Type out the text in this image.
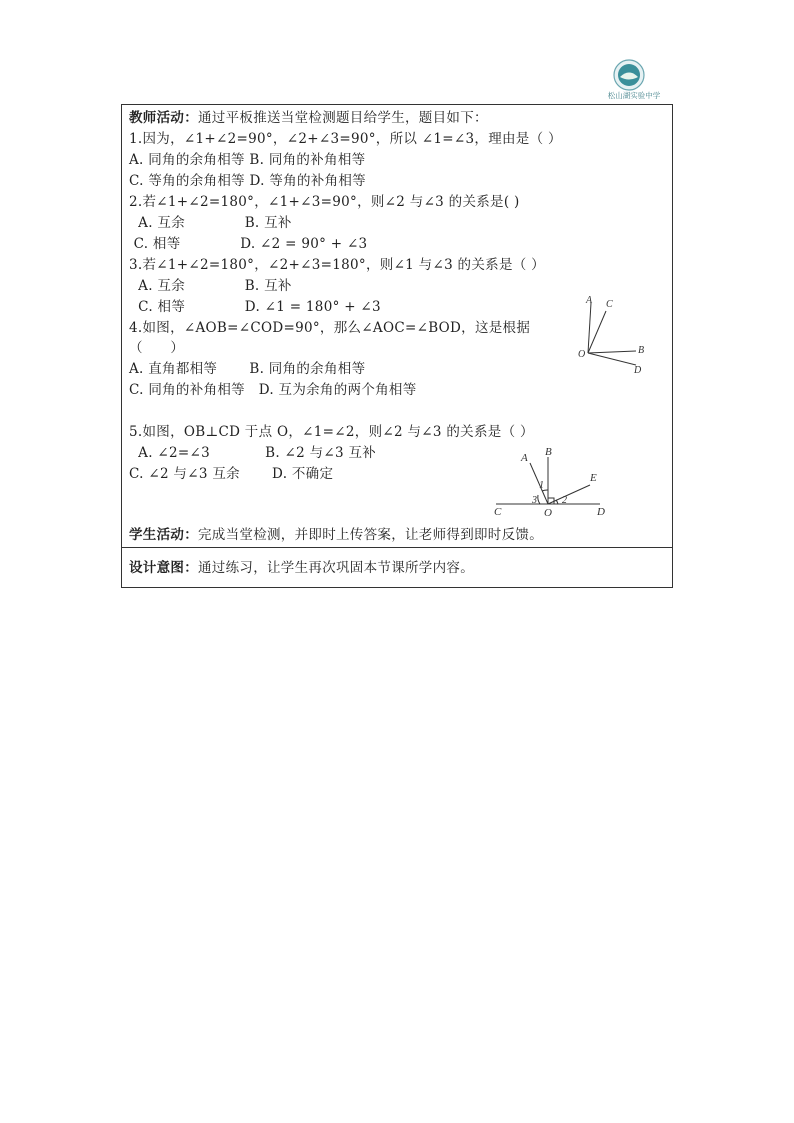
松山湖实验中学
教师活动：通过平板推送当堂检测题目给学生，题目如下：
1.因为，∠1+∠2=90°，∠2+∠3=90°，所以 ∠1=∠3，理由是（ ）
A. 同角的余角相等 B. 同角的补角相等
C. 等角的余角相等 D. 等角的补角相等
2.若∠1+∠2=180°，∠1+∠3=90°，则∠2 与∠3 的关系是( )
A. 互余             B. 互补
C. 相等             D. ∠2 = 90° + ∠3
3.若∠1+∠2=180°，∠2+∠3=180°，则∠1 与∠3 的关系是（ ）
A. 互余             B. 互补
C. 相等             D. ∠1 = 180° + ∠3
4.如图，∠AOB=∠COD=90°，那么∠AOC=∠BOD，这是根据
（      ）
A. 直角都相等       B. 同角的余角相等
C. 同角的补角相等   D. 互为余角的两个角相等
5.如图，OB⊥CD 于点 O，∠1=∠2，则∠2 与∠3 的关系是（ ）
A. ∠2=∠3            B. ∠2 与∠3 互补
C. ∠2 与∠3 互余       D. 不确定
学生活动：完成当堂检测，并即时上传答案，让老师得到即时反馈。
A C
O	B
D
A B
E
C	O	D
1
2
3
设计意图：通过练习，让学生再次巩固本节课所学内容。
